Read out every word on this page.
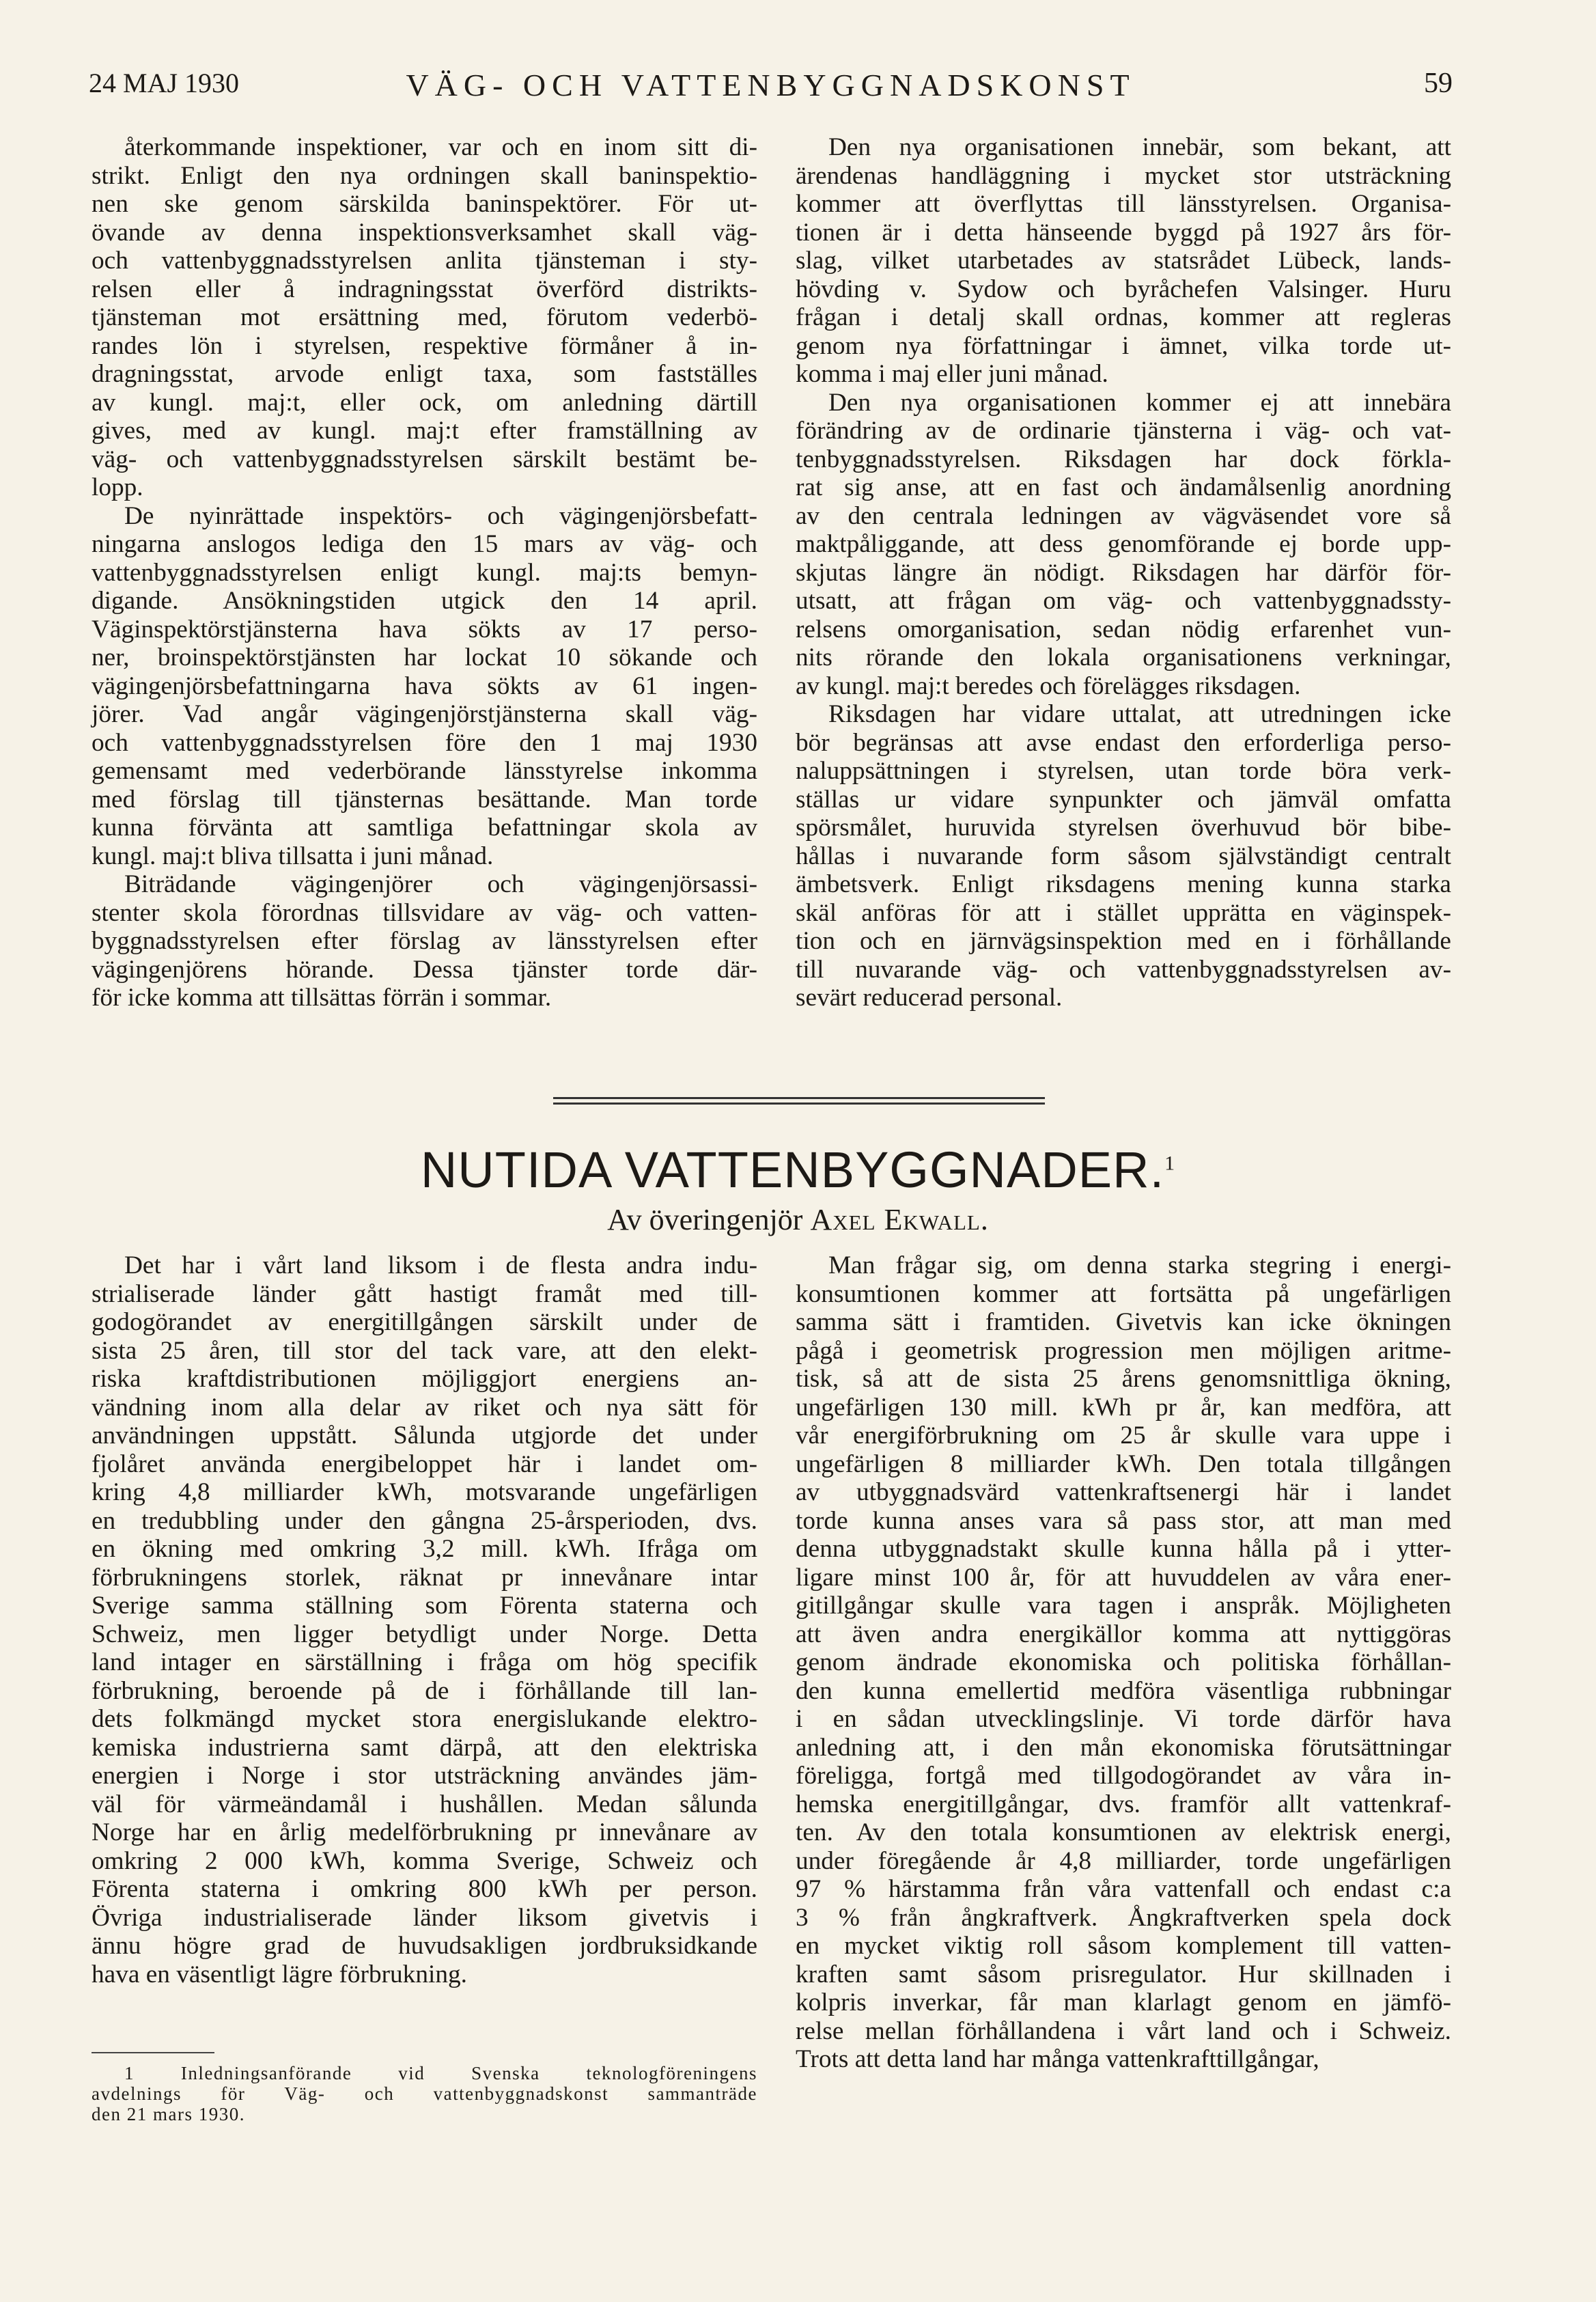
24 MAJ 1930	VÄG- OCH VATTENBYGGNADSKONST	59
återkommande inspektioner, var och en inom sitt di-
strikt. Enligt den nya ordningen skall baninspektio-
nen ske genom särskilda baninspektörer. För ut-
övande av denna inspektionsverksamhet skall väg-
och vattenbyggnadsstyrelsen anlita tjänsteman i sty-
relsen eller å indragningsstat överförd distrikts-
tjänsteman mot ersättning med, förutom vederbö-
randes lön i styrelsen, respektive förmåner å in-
dragningsstat, arvode enligt taxa, som fastställes
av kungl. maj:t, eller ock, om anledning därtill
gives, med av kungl. maj:t efter framställning av
väg- och vattenbyggnadsstyrelsen särskilt bestämt be-
lopp.
De nyinrättade inspektörs- och vägingenjörsbefatt-
ningarna anslogos lediga den 15 mars av väg- och
vattenbyggnadsstyrelsen enligt kungl. maj:ts bemyn-
digande. Ansökningstiden utgick den 14 april.
Väginspektörstjänsterna hava sökts av 17 perso-
ner, broinspektörstjänsten har lockat 10 sökande och
vägingenjörsbefattningarna hava sökts av 61 ingen-
jörer. Vad angår vägingenjörstjänsterna skall väg-
och vattenbyggnadsstyrelsen före den 1 maj 1930
gemensamt med vederbörande länsstyrelse inkomma
med förslag till tjänsternas besättande. Man torde
kunna förvänta att samtliga befattningar skola av
kungl. maj:t bliva tillsatta i juni månad.
Biträdande vägingenjörer och vägingenjörsassi-
stenter skola förordnas tillsvidare av väg- och vatten-
byggnadsstyrelsen efter förslag av länsstyrelsen efter
vägingenjörens hörande. Dessa tjänster torde där-
för icke komma att tillsättas förrän i sommar.
Den nya organisationen innebär, som bekant, att
ärendenas handläggning i mycket stor utsträckning
kommer att överflyttas till länsstyrelsen. Organisa-
tionen är i detta hänseende byggd på 1927 års för-
slag, vilket utarbetades av statsrådet Lübeck, lands-
hövding v. Sydow och byråchefen Valsinger. Huru
frågan i detalj skall ordnas, kommer att regleras
genom nya författningar i ämnet, vilka torde ut-
komma i maj eller juni månad.
Den nya organisationen kommer ej att innebära
förändring av de ordinarie tjänsterna i väg- och vat-
tenbyggnadsstyrelsen. Riksdagen har dock förkla-
rat sig anse, att en fast och ändamålsenlig anordning
av den centrala ledningen av vägväsendet vore så
maktpåliggande, att dess genomförande ej borde upp-
skjutas längre än nödigt. Riksdagen har därför för-
utsatt, att frågan om väg- och vattenbyggnadssty-
relsens omorganisation, sedan nödig erfarenhet vun-
nits rörande den lokala organisationens verkningar,
av kungl. maj:t beredes och föreläggеs riksdagen.
Riksdagen har vidare uttalat, att utredningen icke
bör begränsas att avse endast den erforderliga perso-
naluppsättningen i styrelsen, utan torde böra verk-
ställas ur vidare synpunkter och jämväl omfatta
spörsmålet, huruvida styrelsen överhuvud bör bibe-
hållas i nuvarande form såsom självständigt centralt
ämbetsverk. Enligt riksdagens mening kunna starka
skäl anföras för att i stället upprätta en väginspek-
tion och en järnvägsinspektion med en i förhållande
till nuvarande väg- och vattenbyggnadsstyrelsen av-
sevärt reducerad personal.
NUTIDA VATTENBYGGNADER.$^1$
Av överingenjör Axel Ekwall.
Det har i vårt land liksom i de flesta andra indu-
strialiserade länder gått hastigt framåt med till-
godogörandet av energitillgången särskilt under de
sista 25 åren, till stor del tack vare, att den elekt-
riska kraftdistributionen möjliggjort energiens an-
vändning inom alla delar av riket och nya sätt för
användningen uppstått. Sålunda utgjorde det under
fjolåret använda energibeloppet här i landet om-
kring 4,8 milliarder kWh, motsvarande ungefärligen
en tredubbling under den gångna 25-årsperioden, dvs.
en ökning med omkring 3,2 mill. kWh. Ifråga om
förbrukningens storlek, räknat pr innevånare intar
Sverige samma ställning som Förenta staterna och
Schweiz, men ligger betydligt under Norge. Detta
land intager en särställning i fråga om hög specifik
förbrukning, beroende på de i förhållande till lan-
dets folkmängd mycket stora energislukande elektro-
kemiska industrierna samt därpå, att den elektriska
energien i Norge i stor utsträckning användes jäm-
väl för värmeändamål i hushållen. Medan sålunda
Norge har en årlig medelförbrukning pr innevånare av
omkring 2 000 kWh, komma Sverige, Schweiz och
Förenta staterna i omkring 800 kWh per person.
Övriga industrialiserade länder liksom givetvis i
ännu högre grad de huvudsakligen jordbruksidkande
hava en väsentligt lägre förbrukning.
Man frågar sig, om denna starka stegring i energi-
konsumtionen kommer att fortsätta på ungefärligen
samma sätt i framtiden. Givetvis kan icke ökningen
pågå i geometrisk progression men möjligen aritme-
tisk, så att de sista 25 årens genomsnittliga ökning,
ungefärligen 130 mill. kWh pr år, kan medföra, att
vår energiförbrukning om 25 år skulle vara uppe i
ungefärligen 8 milliarder kWh. Den totala tillgången
av utbyggnadsvärd vattenkraftsenergi här i landet
torde kunna anses vara så pass stor, att man med
denna utbyggnadstakt skulle kunna hålla på i ytter-
ligare minst 100 år, för att huvuddelen av våra ener-
gitillgångar skulle vara tagen i anspråk. Möjligheten
att även andra energikällor komma att nyttiggöras
genom ändrade ekonomiska och politiska förhållan-
den kunna emellertid medföra väsentliga rubbningar
i en sådan utvecklingslinje. Vi torde därför hava
anledning att, i den mån ekonomiska förutsättningar
föreligga, fortgå med tillgodogörandet av våra in-
hemska energitillgångar, dvs. framför allt vattenkraf-
ten. Av den totala konsumtionen av elektrisk energi,
under föregående år 4,8 milliarder, torde ungefärligen
97 % härstamma från våra vattenfall och endast c:a
3 % från ångkraftverk. Ångkraftverken spela dock
en mycket viktig roll såsom komplement till vatten-
kraften samt såsom prisregulator. Hur skillnaden i
kolpris inverkar, får man klarlagt genom en jämfö-
relse mellan förhållandena i vårt land och i Schweiz.
Trots att detta land har många vattenkrafttillgångar,
1 Inledningsanförande vid Svenska teknologföreningens
avdelnings för Väg- och vattenbyggnadskonst sammanträde
den 21 mars 1930.
